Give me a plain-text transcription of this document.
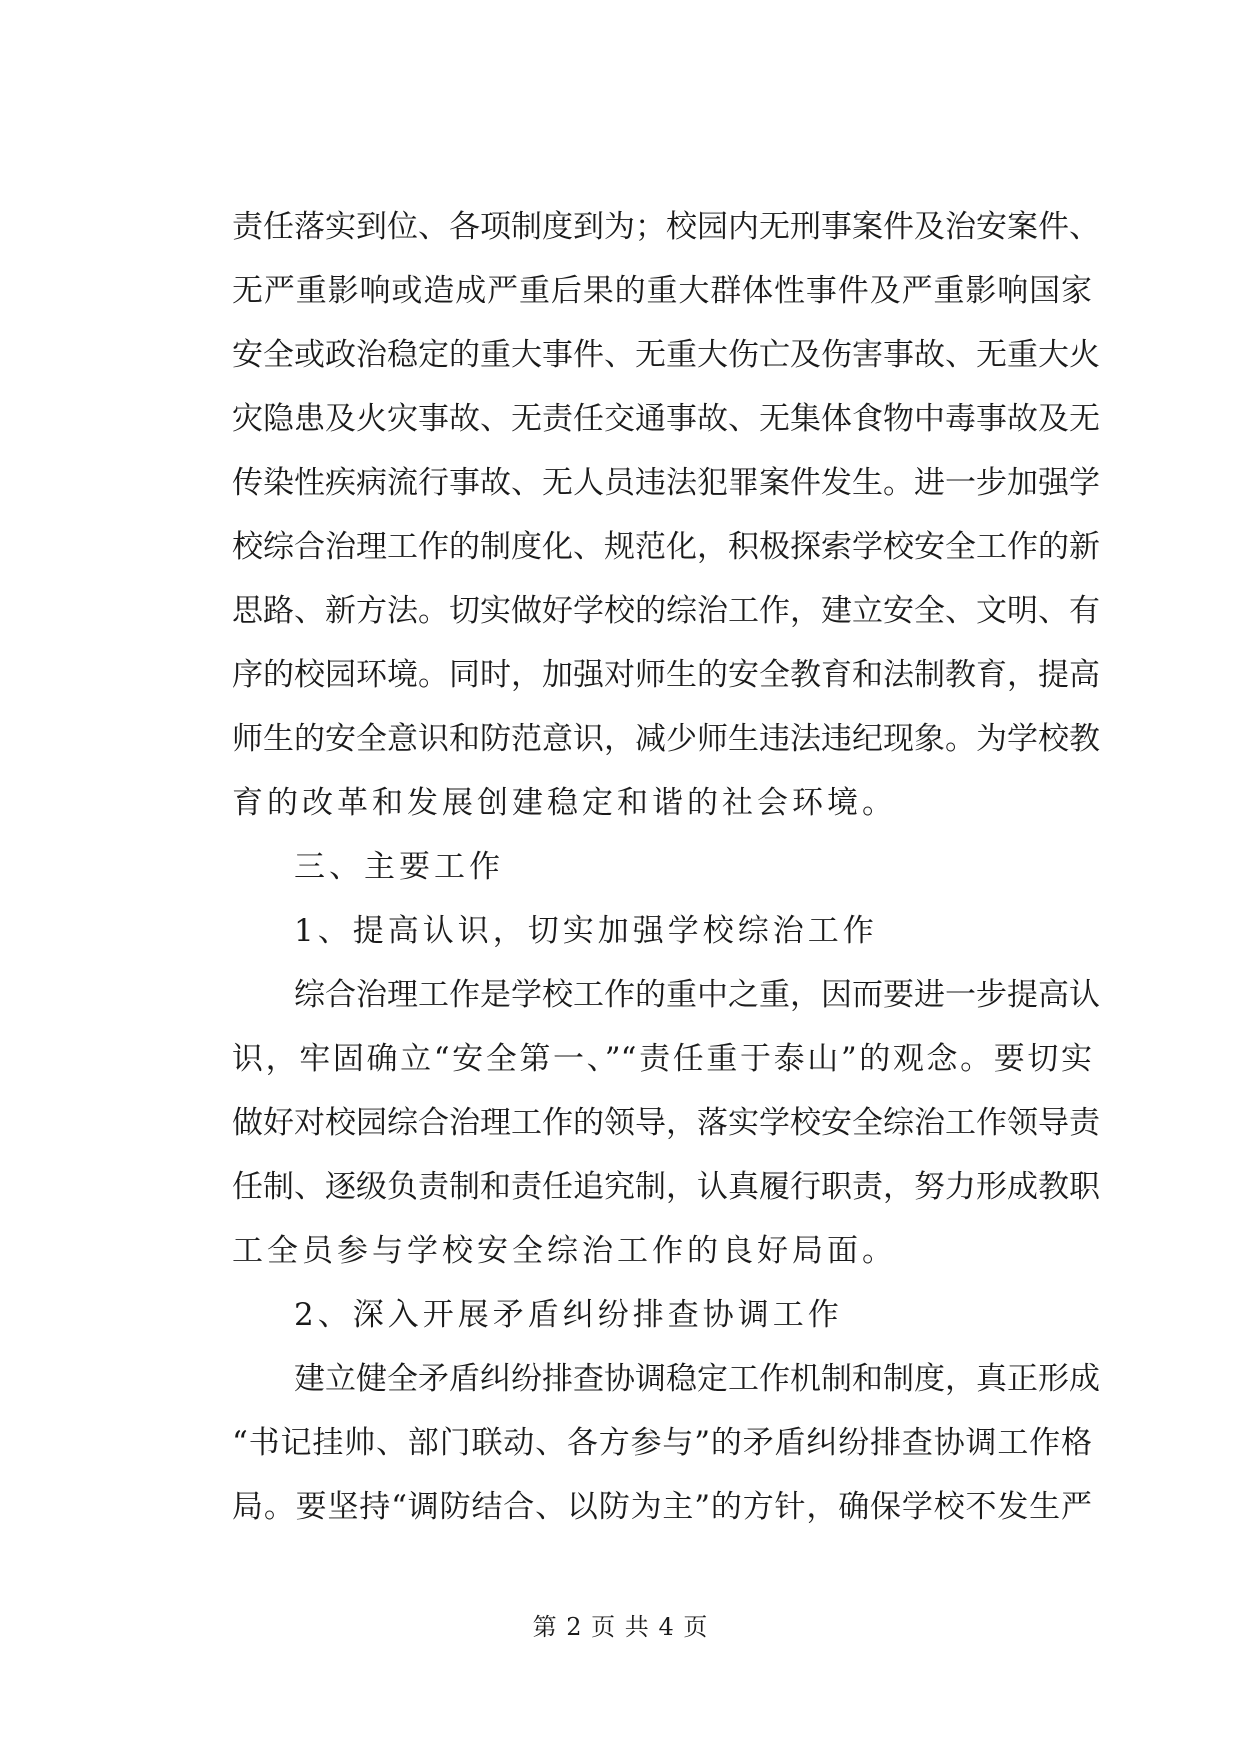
责任落实到位、各项制度到为；校园内无刑事案件及治安案件、
无严重影响或造成严重后果的重大群体性事件及严重影响国家
安全或政治稳定的重大事件、无重大伤亡及伤害事故、无重大火
灾隐患及火灾事故、无责任交通事故、无集体食物中毒事故及无
传染性疾病流行事故、无人员违法犯罪案件发生。进一步加强学
校综合治理工作的制度化、规范化，积极探索学校安全工作的新
思路、新方法。切实做好学校的综治工作，建立安全、文明、有
序的校园环境。同时，加强对师生的安全教育和法制教育，提高
师生的安全意识和防范意识，减少师生违法违纪现象。为学校教
育的改革和发展创建稳定和谐的社会环境。
三、主要工作
1、提高认识，切实加强学校综治工作
综合治理工作是学校工作的重中之重，因而要进一步提高认
识，牢固确立“安全第一、”“责任重于泰山”的观念。要切实
做好对校园综合治理工作的领导，落实学校安全综治工作领导责
任制、逐级负责制和责任追究制，认真履行职责，努力形成教职
工全员参与学校安全综治工作的良好局面。
2、深入开展矛盾纠纷排查协调工作
建立健全矛盾纠纷排查协调稳定工作机制和制度，真正形成
“书记挂帅、部门联动、各方参与”的矛盾纠纷排查协调工作格
局。要坚持“调防结合、以防为主”的方针，确保学校不发生严
第 2 页 共 4 页
